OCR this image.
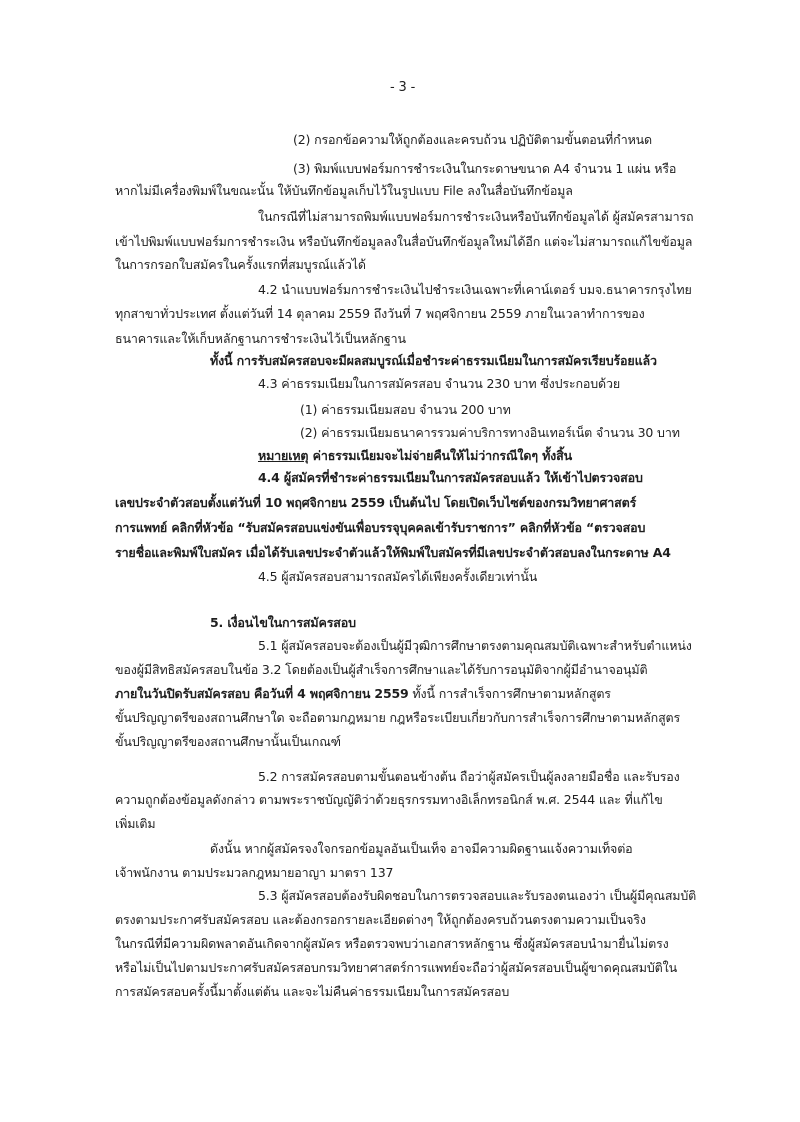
- 3 -

(2) กรอกข้อความให้ถูกต้องและครบถ้วน ปฏิบัติตามขั้นตอนที่กำหนด

(3) พิมพ์แบบฟอร์มการชำระเงินในกระดาษขนาด A4 จำนวน 1 แผ่น หรือ

หากไม่มีเครื่องพิมพ์ในขณะนั้น ให้บันทึกข้อมูลเก็บไว้ในรูปแบบ File ลงในสื่อบันทึกข้อมูล

ในกรณีที่ไม่สามารถพิมพ์แบบฟอร์มการชำระเงินหรือบันทึกข้อมูลได้ ผู้สมัครสามารถ

เข้าไปพิมพ์แบบฟอร์มการชำระเงิน หรือบันทึกข้อมูลลงในสื่อบันทึกข้อมูลใหม่ได้อีก แต่จะไม่สามารถแก้ไขข้อมูล

ในการกรอกใบสมัครในครั้งแรกที่สมบูรณ์แล้วได้

4.2 นำแบบฟอร์มการชำระเงินไปชำระเงินเฉพาะที่เคาน์เตอร์ บมจ.ธนาคารกรุงไทย

ทุกสาขาทั่วประเทศ ตั้งแต่วันที่ 14 ตุลาคม 2559 ถึงวันที่ 7 พฤศจิกายน 2559 ภายในเวลาทำการของ

ธนาคารและให้เก็บหลักฐานการชำระเงินไว้เป็นหลักฐาน

ทั้งนี้ การรับสมัครสอบจะมีผลสมบูรณ์เมื่อชำระค่าธรรมเนียมในการสมัครเรียบร้อยแล้ว

4.3 ค่าธรรมเนียมในการสมัครสอบ จำนวน 230 บาท ซึ่งประกอบด้วย

(1) ค่าธรรมเนียมสอบ จำนวน 200 บาท

(2) ค่าธรรมเนียมธนาคารรวมค่าบริการทางอินเทอร์เน็ต จำนวน 30 บาท

หมายเหตุ ค่าธรรมเนียมจะไม่จ่ายคืนให้ไม่ว่ากรณีใดๆ ทั้งสิ้น

4.4 ผู้สมัครที่ชำระค่าธรรมเนียมในการสมัครสอบแล้ว ให้เข้าไปตรวจสอบ

เลขประจำตัวสอบตั้งแต่วันที่ 10 พฤศจิกายน 2559 เป็นต้นไป โดยเปิดเว็บไซต์ของกรมวิทยาศาสตร์

การแพทย์ คลิกที่หัวข้อ “รับสมัครสอบแข่งขันเพื่อบรรจุบุคคลเข้ารับราชการ” คลิกที่หัวข้อ “ตรวจสอบ

รายชื่อและพิมพ์ใบสมัคร เมื่อได้รับเลขประจำตัวแล้วให้พิมพ์ใบสมัครที่มีเลขประจำตัวสอบลงในกระดาษ A4

4.5 ผู้สมัครสอบสามารถสมัครได้เพียงครั้งเดียวเท่านั้น

5. เงื่อนไขในการสมัครสอบ

5.1 ผู้สมัครสอบจะต้องเป็นผู้มีวุฒิการศึกษาตรงตามคุณสมบัติเฉพาะสำหรับตำแหน่ง

ของผู้มีสิทธิสมัครสอบในข้อ 3.2 โดยต้องเป็นผู้สำเร็จการศึกษาและได้รับการอนุมัติจากผู้มีอำนาจอนุมัติ

ภายในวันปิดรับสมัครสอบ คือวันที่ 4 พฤศจิกายน 2559 ทั้งนี้ การสำเร็จการศึกษาตามหลักสูตร

ขั้นปริญญาตรีของสถานศึกษาใด จะถือตามกฎหมาย กฎหรือระเบียบเกี่ยวกับการสำเร็จการศึกษาตามหลักสูตร

ขั้นปริญญาตรีของสถานศึกษานั้นเป็นเกณฑ์

5.2 การสมัครสอบตามขั้นตอนข้างต้น ถือว่าผู้สมัครเป็นผู้ลงลายมือชื่อ และรับรอง

ความถูกต้องข้อมูลดังกล่าว ตามพระราชบัญญัติว่าด้วยธุรกรรมทางอิเล็กทรอนิกส์ พ.ศ. 2544 และ ที่แก้ไข

เพิ่มเติม

ดังนั้น หากผู้สมัครจงใจกรอกข้อมูลอันเป็นเท็จ อาจมีความผิดฐานแจ้งความเท็จต่อ

เจ้าพนักงาน ตามประมวลกฎหมายอาญา มาตรา 137

5.3 ผู้สมัครสอบต้องรับผิดชอบในการตรวจสอบและรับรองตนเองว่า เป็นผู้มีคุณสมบัติ

ตรงตามประกาศรับสมัครสอบ และต้องกรอกรายละเอียดต่างๆ ให้ถูกต้องครบถ้วนตรงตามความเป็นจริง

ในกรณีที่มีความผิดพลาดอันเกิดจากผู้สมัคร หรือตรวจพบว่าเอกสารหลักฐาน ซึ่งผู้สมัครสอบนำมายื่นไม่ตรง

หรือไม่เป็นไปตามประกาศรับสมัครสอบกรมวิทยาศาสตร์การแพทย์จะถือว่าผู้สมัครสอบเป็นผู้ขาดคุณสมบัติใน

การสมัครสอบครั้งนี้มาตั้งแต่ต้น และจะไม่คืนค่าธรรมเนียมในการสมัครสอบ
